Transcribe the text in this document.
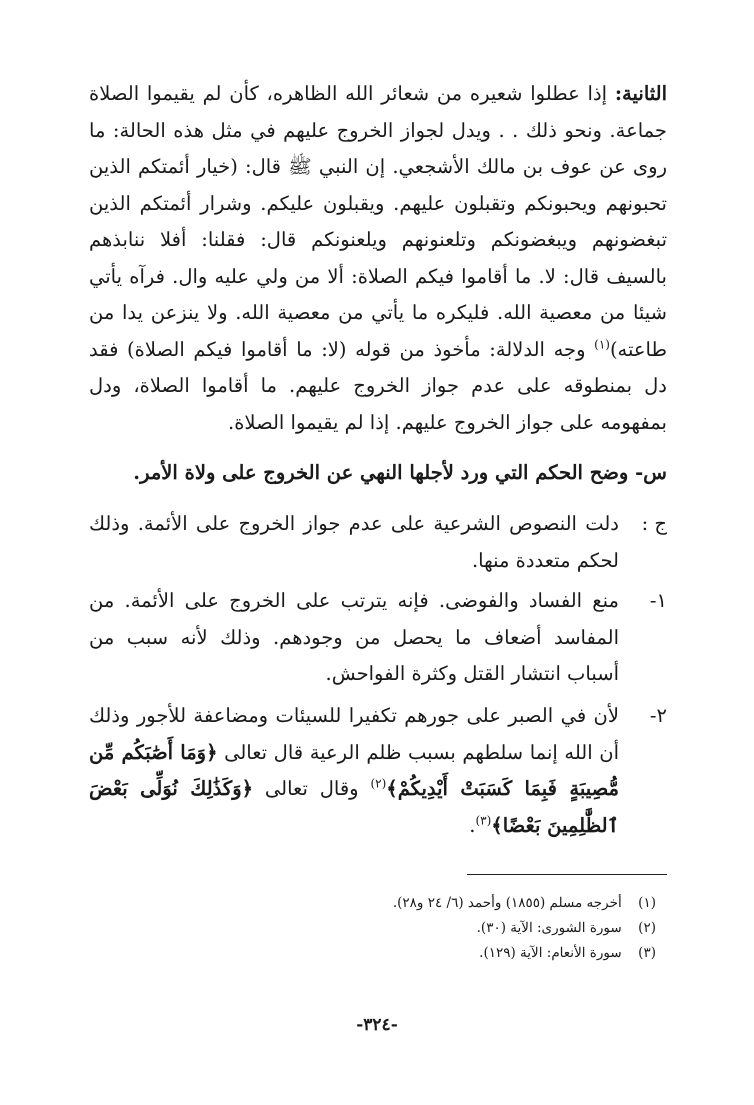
الثانية: إذا عطلوا شعيره من شعائر الله الظاهره، كأن لم يقيموا الصلاة جماعة. ونحو ذلك . . ويدل لجواز الخروج عليهم في مثل هذه الحالة: ما روى عن عوف بن مالك الأشجعي. إن النبي ﷺ قال: (خيار أئمتكم الذين تحبونهم ويحبونكم وتقبلون عليهم. ويقبلون عليكم. وشرار أئمتكم الذين تبغضونهم ويبغضونكم وتلعنونهم ويلعنونكم قال: فقلنا: أفلا ننابذهم بالسيف قال: لا. ما أقاموا فيكم الصلاة: ألا من ولي عليه وال. فرآه يأتي شيئا من معصية الله. فليكره ما يأتي من معصية الله. ولا ينزعن يدا من طاعته)$^{(١)}$ وجه الدلالة: مأخوذ من قوله (لا: ما أقاموا فيكم الصلاة) فقد دل بمنطوقه على عدم جواز الخروج عليهم. ما أقاموا الصلاة، ودل بمفهومه على جواز الخروج عليهم. إذا لم يقيموا الصلاة.
س- وضح الحكم التي ورد لأجلها النهي عن الخروج على ولاة الأمر.
ج :
دلت النصوص الشرعية على عدم جواز الخروج على الأئمة. وذلك لحكم متعددة منها.
١-
منع الفساد والفوضى. فإنه يترتب على الخروج على الأئمة. من المفاسد أضعاف ما يحصل من وجودهم. وذلك لأنه سبب من أسباب انتشار القتل وكثرة الفواحش.
٢-
لأن في الصبر على جورهم تكفيرا للسيئات ومضاعفة للأجور وذلك أن الله إنما سلطهم بسبب ظلم الرعية قال تعالى ﴿وَمَا أَصَٰبَكُم مِّن مُّصِيبَةٍ فَبِمَا كَسَبَتْ أَيْدِيكُمْ﴾$^{(٢)}$ وقال تعالى ﴿وَكَذَٰلِكَ نُوَلِّى بَعْضَ ٱلظَّٰلِمِينَ بَعْضًا﴾$^{(٣)}$.
(١) أخرجه مسلم (١٨٥٥) وأحمد (٦/ ٢٤ و٢٨).
(٢) سورة الشورى: الآية (٣٠).
(٣) سورة الأنعام: الآية (١٢٩).
-٣٢٤-
